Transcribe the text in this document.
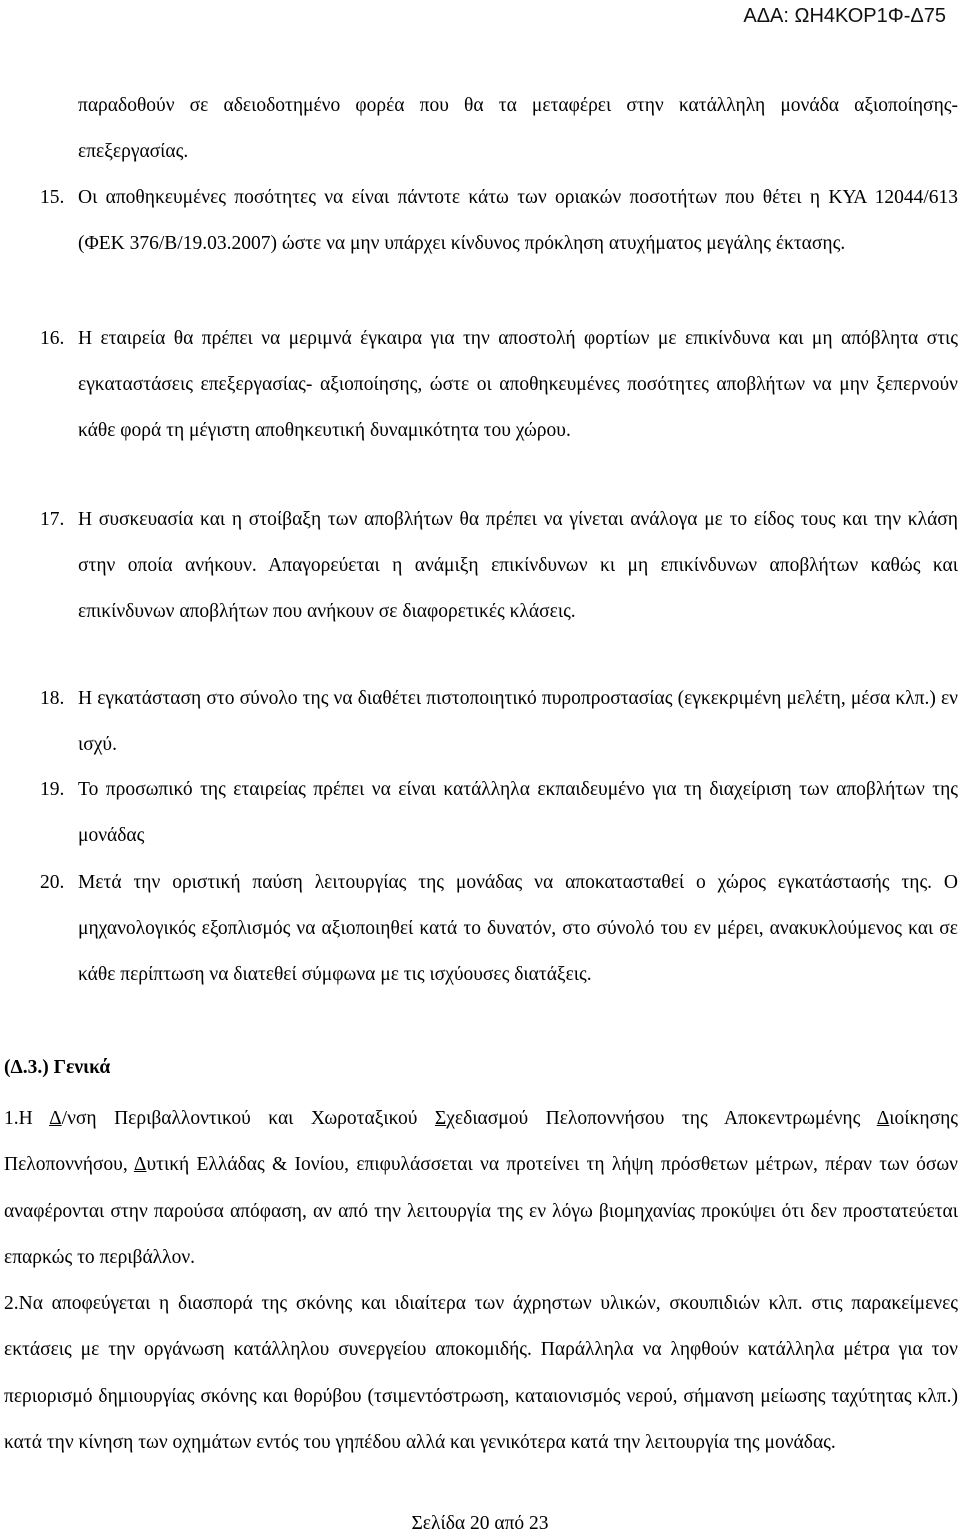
ΑΔΑ: ΩΗ4ΚΟΡ1Φ-Δ75
παραδοθούν σε αδειοδοτημένο φορέα που θα τα μεταφέρει στην κατάλληλη μονάδα αξιοποίησης- επεξεργασίας.
15. Οι αποθηκευμένες ποσότητες να είναι πάντοτε κάτω των οριακών ποσοτήτων που θέτει η ΚΥΑ 12044/613 (ΦΕΚ 376/Β/19.03.2007) ώστε να μην υπάρχει κίνδυνος πρόκληση ατυχήματος μεγάλης έκτασης.
16. Η εταιρεία θα πρέπει να μεριμνά έγκαιρα για την αποστολή φορτίων με επικίνδυνα και μη απόβλητα στις εγκαταστάσεις επεξεργασίας- αξιοποίησης, ώστε οι αποθηκευμένες ποσότητες αποβλήτων να μην ξεπερνούν κάθε φορά τη μέγιστη αποθηκευτική δυναμικότητα του χώρου.
17. Η συσκευασία και η στοίβαξη των αποβλήτων θα πρέπει να γίνεται ανάλογα με το είδος τους και την κλάση στην οποία ανήκουν. Απαγορεύεται η ανάμιξη επικίνδυνων κι μη επικίνδυνων αποβλήτων καθώς και επικίνδυνων αποβλήτων που ανήκουν σε διαφορετικές κλάσεις.
18. Η εγκατάσταση στο σύνολο της να διαθέτει πιστοποιητικό πυροπροστασίας (εγκεκριμένη μελέτη, μέσα κλπ.) εν ισχύ.
19. Το προσωπικό της εταιρείας πρέπει να είναι κατάλληλα εκπαιδευμένο για τη διαχείριση των αποβλήτων της μονάδας
20. Μετά την οριστική παύση λειτουργίας της μονάδας να αποκατασταθεί ο χώρος εγκατάστασής της. Ο μηχανολογικός εξοπλισμός να αξιοποιηθεί κατά το δυνατόν, στο σύνολό του εν μέρει, ανακυκλούμενος και σε κάθε περίπτωση να διατεθεί σύμφωνα με τις ισχύουσες διατάξεις.
(Δ.3.) Γενικά
1.Η Δ/νση Περιβαλλοντικού και Χωροταξικού Σχεδιασμού Πελοποννήσου της Αποκεντρωμένης Διοίκησης Πελοποννήσου, Δυτική Ελλάδας & Ιονίου, επιφυλάσσεται να προτείνει τη λήψη πρόσθετων μέτρων, πέραν των όσων αναφέρονται στην παρούσα απόφαση, αν από την λειτουργία της εν λόγω βιομηχανίας προκύψει ότι δεν προστατεύεται επαρκώς το περιβάλλον.
2.Να αποφεύγεται η διασπορά της σκόνης και ιδιαίτερα των άχρηστων υλικών, σκουπιδιών κλπ. στις παρακείμενες εκτάσεις με την οργάνωση κατάλληλου συνεργείου αποκομιδής. Παράλληλα να ληφθούν κατάλληλα μέτρα για τον περιορισμό δημιουργίας σκόνης και θορύβου (τσιμεντόστρωση, καταιονισμός νερού, σήμανση μείωσης ταχύτητας κλπ.) κατά την κίνηση των οχημάτων εντός του γηπέδου αλλά και γενικότερα κατά την λειτουργία της μονάδας.
Σελίδα 20 από 23
